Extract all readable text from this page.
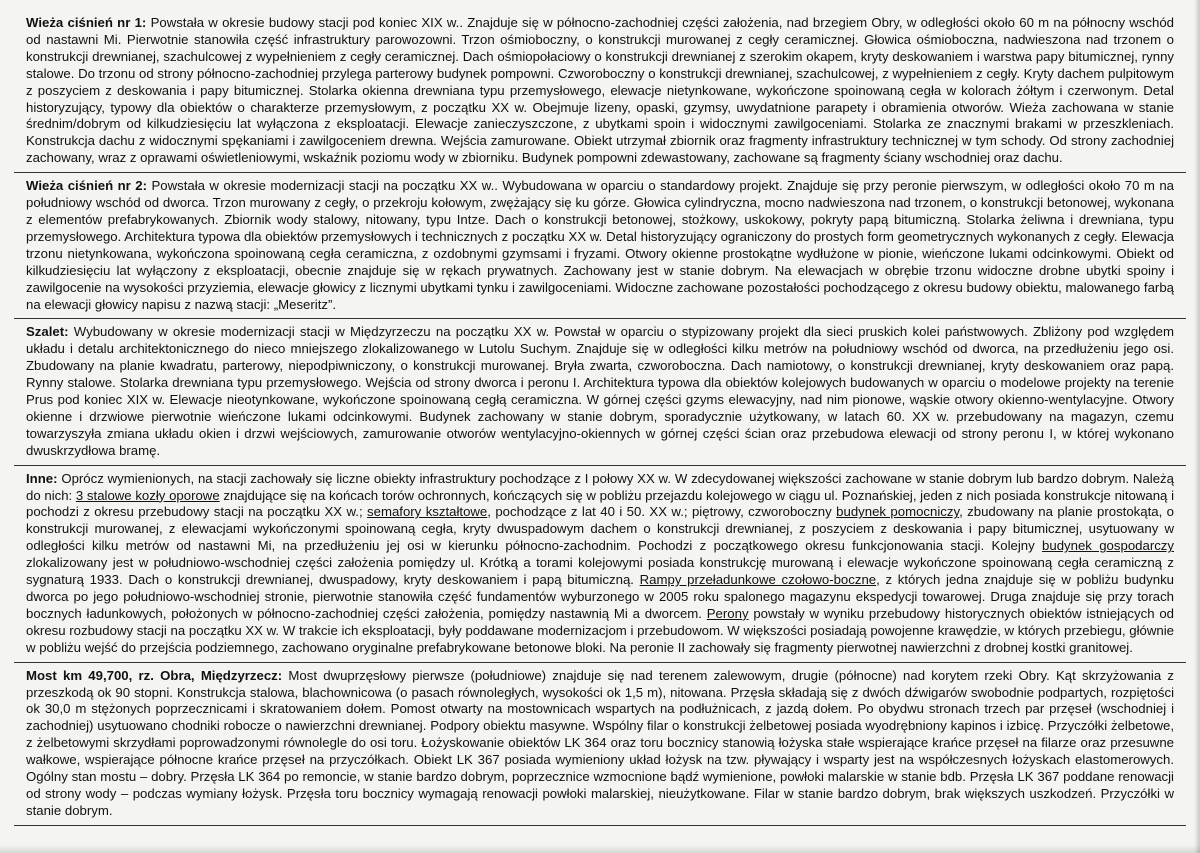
Wieża ciśnień nr 1: Powstała w okresie budowy stacji pod koniec XIX w.. Znajduje się w północno-zachodniej części założenia, nad brzegiem Obry, w odległości około 60 m na północny wschód od nastawni Mi. Pierwotnie stanowiła część infrastruktury parowozowni. Trzon ośmioboczny, o konstrukcji murowanej z cegły ceramicznej. Głowica ośmioboczna, nadwieszona nad trzonem o konstrukcji drewnianej, szachulcowej z wypełnieniem z cegły ceramicznej. Dach ośmiopołaciowy o konstrukcji drewnianej z szerokim okapem, kryty deskowaniem i warstwa papy bitumicznej, rynny stalowe. Do trzonu od strony północno-zachodniej przylega parterowy budynek pompowni. Czworoboczny o konstrukcji drewnianej, szachulcowej, z wypełnieniem z cegły. Kryty dachem pulpitowym z poszyciem z deskowania i papy bitumicznej. Stolarka okienna drewniana typu przemysłowego, elewacje nietynkowane, wykończone spoinowaną cegła w kolorach żółtym i czerwonym. Detal historyzujący, typowy dla obiektów o charakterze przemysłowym, z początku XX w. Obejmuje lizeny, opaski, gzymsy, uwydatnione parapety i obramienia otworów. Wieża zachowana w stanie średnim/dobrym od kilkudziesięciu lat wyłączona z eksploatacji. Elewacje zanieczyszczone, z ubytkami spoin i widocznymi zawilgoceniami. Stolarka ze znacznymi brakami w przeszkleniach. Konstrukcja dachu z widocznymi spękaniami i zawilgoceniem drewna. Wejścia zamurowane. Obiekt utrzymał zbiornik oraz fragmenty infrastruktury technicznej w tym schody. Od strony zachodniej zachowany, wraz z oprawami oświetleniowymi, wskaźnik poziomu wody w zbiorniku. Budynek pompowni zdewastowany, zachowane są fragmenty ściany wschodniej oraz dachu.

Wieża ciśnień nr 2: Powstała w okresie modernizacji stacji na początku XX w.. Wybudowana w oparciu o standardowy projekt. Znajduje się przy peronie pierwszym, w odległości około 70 m na południowy wschód od dworca. Trzon murowany z cegły, o przekroju kołowym, zwężający się ku górze. Głowica cylindryczna, mocno nadwieszona nad trzonem, o konstrukcji betonowej, wykonana z elementów prefabrykowanych. Zbiornik wody stalowy, nitowany, typu Intze. Dach o konstrukcji betonowej, stożkowy, uskokowy, pokryty papą bitumiczną. Stolarka żeliwna i drewniana, typu przemysłowego. Architektura typowa dla obiektów przemysłowych i technicznych z początku XX w. Detal historyzujący ograniczony do prostych form geometrycznych wykonanych z cegły. Elewacja trzonu nietynkowana, wykończona spoinowaną cegła ceramiczna, z ozdobnymi gzymsami i fryzami. Otwory okienne prostokątne wydłużone w pionie, wieńczone lukami odcinkowymi. Obiekt od kilkudziesięciu lat wyłączony z eksploatacji, obecnie znajduje się w rękach prywatnych. Zachowany jest w stanie dobrym. Na elewacjach w obrębie trzonu widoczne drobne ubytki spoiny i zawilgocenie na wysokości przyziemia, elewacje głowicy z licznymi ubytkami tynku i zawilgoceniami. Widoczne zachowane pozostałości pochodzącego z okresu budowy obiektu, malowanego farbą na elewacji głowicy napisu z nazwą stacji: „Meseritz”.

Szalet: Wybudowany w okresie modernizacji stacji w Międzyrzeczu na początku XX w. Powstał w oparciu o stypizowany projekt dla sieci pruskich kolei państwowych. Zbliżony pod względem układu i detalu architektonicznego do nieco mniejszego zlokalizowanego w Lutolu Suchym. Znajduje się w odległości kilku metrów na południowy wschód od dworca, na przedłużeniu jego osi. Zbudowany na planie kwadratu, parterowy, niepodpiwniczony, o konstrukcji murowanej. Bryła zwarta, czworoboczna. Dach namiotowy, o konstrukcji drewnianej, kryty deskowaniem oraz papą. Rynny stalowe. Stolarka drewniana typu przemysłowego. Wejścia od strony dworca i peronu I. Architektura typowa dla obiektów kolejowych budowanych w oparciu o modelowe projekty na terenie Prus pod koniec XIX w. Elewacje nieotynkowane, wykończone spoinowaną cegłą ceramiczna. W górnej części gzyms elewacyjny, nad nim pionowe, wąskie otwory okienno-wentylacyjne. Otwory okienne i drzwiowe pierwotnie wieńczone lukami odcinkowymi. Budynek zachowany w stanie dobrym, sporadycznie użytkowany, w latach 60. XX w. przebudowany na magazyn, czemu towarzyszyła zmiana układu okien i drzwi wejściowych, zamurowanie otworów wentylacyjno-okiennych w górnej części ścian oraz przebudowa elewacji od strony peronu I, w której wykonano dwuskrzydłowa bramę.

Inne: Oprócz wymienionych, na stacji zachowały się liczne obiekty infrastruktury pochodzące z I połowy XX w. W zdecydowanej większości zachowane w stanie dobrym lub bardzo dobrym. Należą do nich: 3 stalowe kozły oporowe znajdujące się na końcach torów ochronnych, kończących się w pobliżu przejazdu kolejowego w ciągu ul. Poznańskiej, jeden z nich posiada konstrukcje nitowaną i pochodzi z okresu przebudowy stacji na początku XX w.; semafory kształtowe, pochodzące z lat 40 i 50. XX w.; piętrowy, czworoboczny budynek pomocniczy, zbudowany na planie prostokąta, o konstrukcji murowanej, z elewacjami wykończonymi spoinowaną cegła, kryty dwuspadowym dachem o konstrukcji drewnianej, z poszyciem z deskowania i papy bitumicznej, usytuowany w odległości kilku metrów od nastawni Mi, na przedłużeniu jej osi w kierunku północno-zachodnim. Pochodzi z początkowego okresu funkcjonowania stacji. Kolejny budynek gospodarczy zlokalizowany jest w południowo-wschodniej części założenia pomiędzy ul. Krótką a torami kolejowymi posiada konstrukcję murowaną i elewacje wykończone spoinowaną cegła ceramiczną z sygnaturą 1933. Dach o konstrukcji drewnianej, dwuspadowy, kryty deskowaniem i papą bitumiczną. Rampy przeładunkowe czołowo-boczne, z których jedna znajduje się w pobliżu budynku dworca po jego południowo-wschodniej stronie, pierwotnie stanowiła część fundamentów wyburzonego w 2005 roku spalonego magazynu ekspedycji towarowej. Druga znajduje się przy torach bocznych ładunkowych, położonych w północno-zachodniej części założenia, pomiędzy nastawnią Mi a dworcem. Perony powstały w wyniku przebudowy historycznych obiektów istniejących od okresu rozbudowy stacji na początku XX w. W trakcie ich eksploatacji, były poddawane modernizacjom i przebudowom. W większości posiadają powojenne krawędzie, w których przebiegu, głównie w pobliżu wejść do przejścia podziemnego, zachowano oryginalne prefabrykowane betonowe bloki. Na peronie II zachowały się fragmenty pierwotnej nawierzchni z drobnej kostki granitowej.

Most km 49,700, rz. Obra, Międzyrzecz: Most dwuprzęsłowy pierwsze (południowe) znajduje się nad terenem zalewowym, drugie (północne) nad korytem rzeki Obry. Kąt skrzyżowania z przeszkodą ok 90 stopni. Konstrukcja stalowa, blachownicowa (o pasach równoległych, wysokości ok 1,5 m), nitowana. Przęsła składają się z dwóch dźwigarów swobodnie podpartych, rozpiętości ok 30,0 m stężonych poprzecznicami i skratowaniem dołem. Pomost otwarty na mostownicach wspartych na podłużnicach, z jazdą dołem. Po obydwu stronach trzech par przęseł (wschodniej i zachodniej) usytuowano chodniki robocze o nawierzchni drewnianej. Podpory obiektu masywne. Wspólny filar o konstrukcji żelbetowej posiada wyodrębniony kapinos i izbicę. Przyczółki żelbetowe, z żelbetowymi skrzydłami poprowadzonymi równolegle do osi toru. Łożyskowanie obiektów LK 364 oraz toru bocznicy stanowią łożyska stałe wspierające krańce przęseł na filarze oraz przesuwne wałkowe, wspierające północne krańce przęseł na przyczółkach. Obiekt LK 367 posiada wymieniony układ łożysk na tzw. pływający i wsparty jest na współczesnych łożyskach elastomerowych. Ogólny stan mostu – dobry. Przęsła LK 364 po remoncie, w stanie bardzo dobrym, poprzecznice wzmocnione bądź wymienione, powłoki malarskie w stanie bdb. Przęsła LK 367 poddane renowacji od strony wody – podczas wymiany łożysk. Przęsła toru bocznicy wymagają renowacji powłoki malarskiej, nieużytkowane. Filar w stanie bardzo dobrym, brak większych uszkodzeń. Przyczółki w stanie dobrym.
